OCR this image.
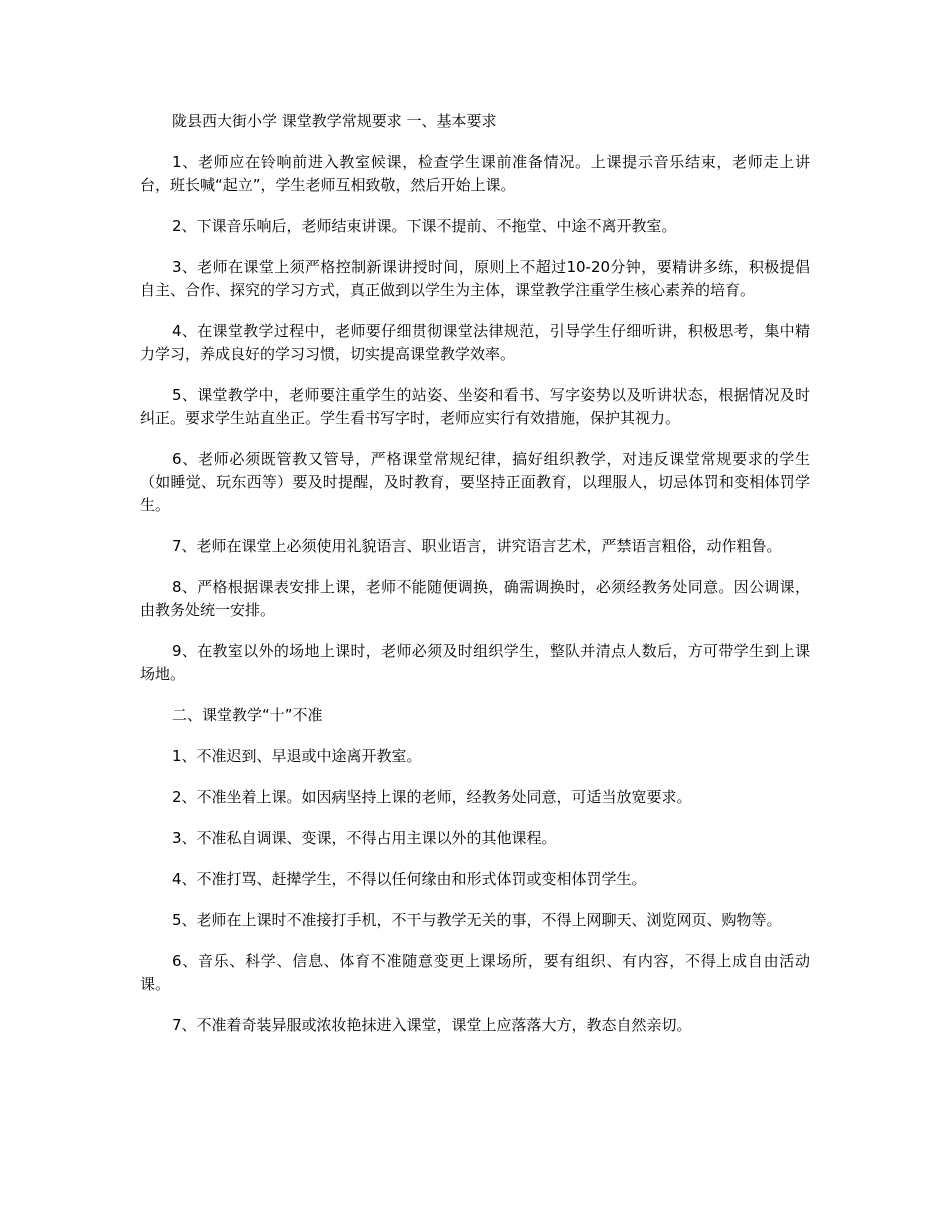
陇县西大街小学 课堂教学常规要求 一、基本要求

1、老师应在铃响前进入教室候课，检查学生课前准备情况。上课提示音乐结束，老师走上讲台，班长喊“起立”，学生老师互相致敬，然后开始上课。

2、下课音乐响后，老师结束讲课。下课不提前、不拖堂、中途不离开教室。

3、老师在课堂上须严格控制新课讲授时间，原则上不超过10-20分钟，要精讲多练，积极提倡自主、合作、探究的学习方式，真正做到以学生为主体，课堂教学注重学生核心素养的培育。

4、在课堂教学过程中，老师要仔细贯彻课堂法律规范，引导学生仔细听讲，积极思考，集中精力学习，养成良好的学习习惯，切实提高课堂教学效率。

5、课堂教学中，老师要注重学生的站姿、坐姿和看书、写字姿势以及听讲状态，根据情况及时纠正。要求学生站直坐正。学生看书写字时，老师应实行有效措施，保护其视力。

6、老师必须既管教又管导，严格课堂常规纪律，搞好组织教学，对违反课堂常规要求的学生（如睡觉、玩东西等）要及时提醒，及时教育，要坚持正面教育，以理服人，切忌体罚和变相体罚学生。

7、老师在课堂上必须使用礼貌语言、职业语言，讲究语言艺术，严禁语言粗俗，动作粗鲁。

8、严格根据课表安排上课，老师不能随便调换，确需调换时，必须经教务处同意。因公调课，由教务处统一安排。

9、在教室以外的场地上课时，老师必须及时组织学生，整队并清点人数后，方可带学生到上课场地。

二、课堂教学“十”不准

1、不准迟到、早退或中途离开教室。

2、不准坐着上课。如因病坚持上课的老师，经教务处同意，可适当放宽要求。

3、不准私自调课、变课，不得占用主课以外的其他课程。

4、不准打骂、赶撵学生，不得以任何缘由和形式体罚或变相体罚学生。

5、老师在上课时不准接打手机，不干与教学无关的事，不得上网聊天、浏览网页、购物等。

6、音乐、科学、信息、体育不准随意变更上课场所，要有组织、有内容，不得上成自由活动课。

7、不准着奇装异服或浓妆艳抹进入课堂，课堂上应落落大方，教态自然亲切。
